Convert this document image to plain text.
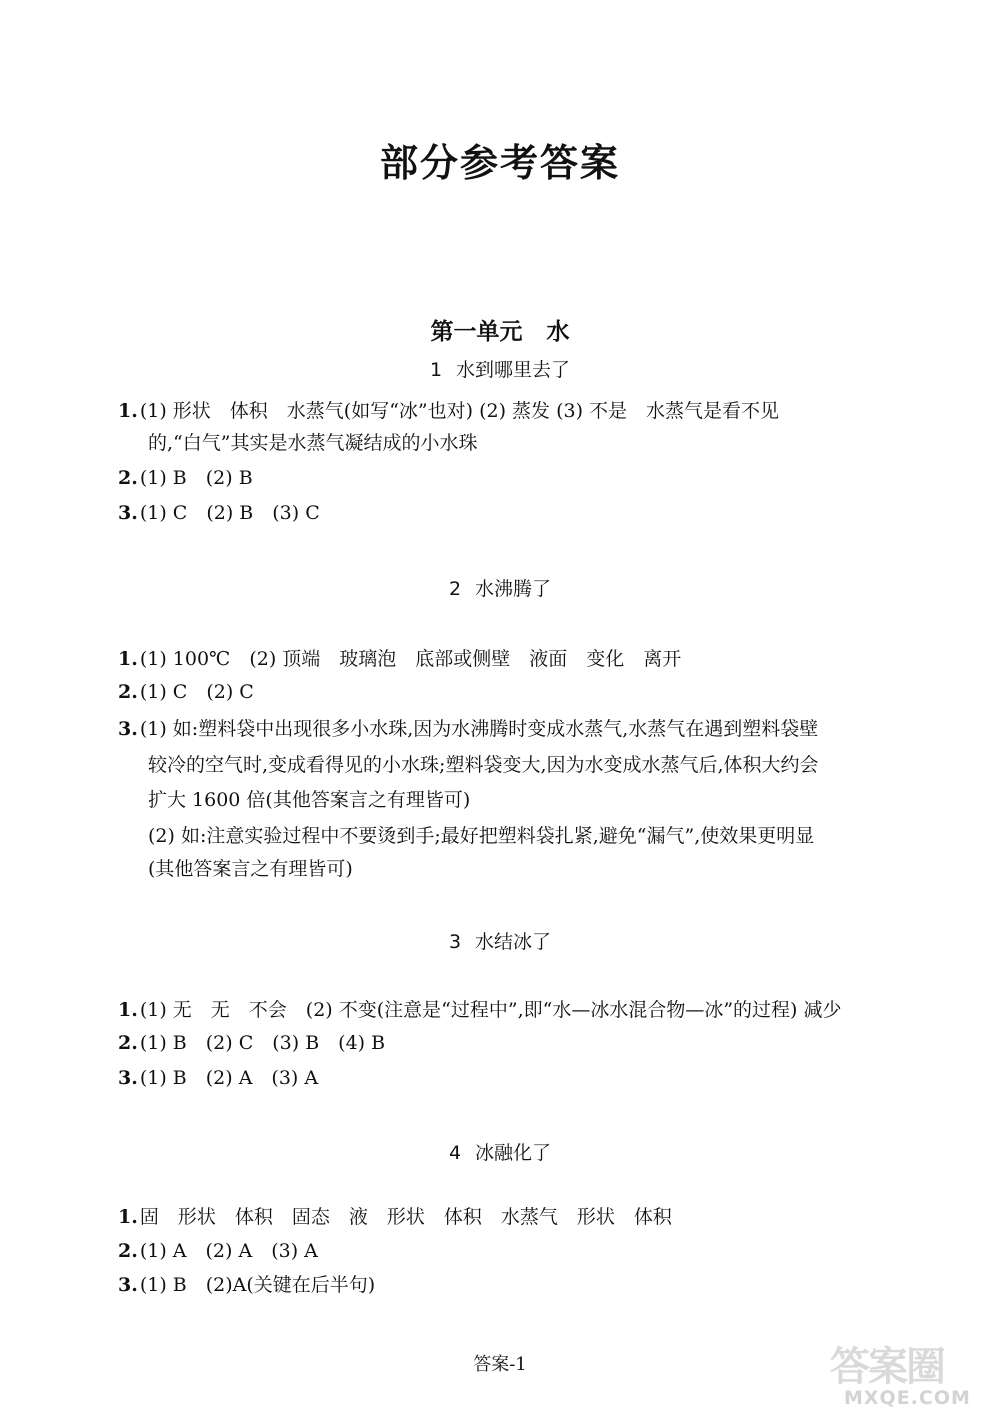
部分参考答案
第一单元 水
1 水到哪里去了
1. (1) 形状　体积　水蒸气(如写“冰”也对) (2) 蒸发 (3) 不是　水蒸气是看不见
的,“白气”其实是水蒸气凝结成的小水珠
2. (1) B　(2) B
3. (1) C　(2) B　(3) C
2 水沸腾了
1. (1) 100℃　(2) 顶端　玻璃泡　底部或侧壁　液面　变化　离开
2. (1) C　(2) C
3. (1) 如:塑料袋中出现很多小水珠,因为水沸腾时变成水蒸气,水蒸气在遇到塑料袋壁
较冷的空气时,变成看得见的小水珠;塑料袋变大,因为水变成水蒸气后,体积大约会
扩大 1600 倍(其他答案言之有理皆可)
(2) 如:注意实验过程中不要烫到手;最好把塑料袋扎紧,避免“漏气”,使效果更明显
(其他答案言之有理皆可)
3 水结冰了
1. (1) 无　无　不会　(2) 不变(注意是“过程中”,即“水—冰水混合物—冰”的过程) 减少
2. (1) B　(2) C　(3) B　(4) B
3. (1) B　(2) A　(3) A
4 冰融化了
1. 固　形状　体积　固态　液　形状　体积　水蒸气　形状　体积
2. (1) A　(2) A　(3) A
3. (1) B　(2)A(关键在后半句)
答案-1	答案圈
MXQE.COM
